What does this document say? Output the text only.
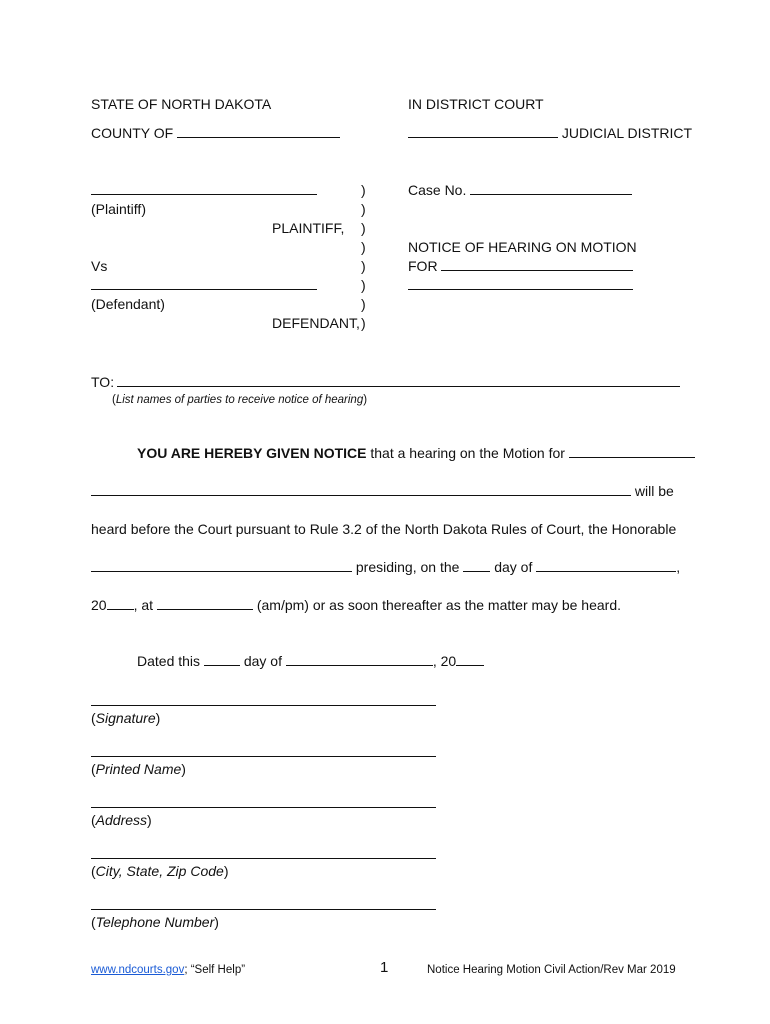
STATE OF NORTH DAKOTA	IN DISTRICT COURT
COUNTY OF	JUDICIAL DISTRICT
(Plaintiff)
PLAINTIFF,
Vs
(Defendant)
DEFENDANT,
)
)
)
)
)
)
)
)
Case No.
NOTICE OF HEARING ON MOTION
FOR
TO:
(List names of parties to receive notice of hearing)
YOU ARE HEREBY GIVEN NOTICE that a hearing on the Motion for
will be
heard before the Court pursuant to Rule 3.2 of the North Dakota Rules of Court, the Honorable
presiding, on the day of	,
20 , at	(am/pm) or as soon thereafter as the matter may be heard.
Dated this	day of	, 20
(Signature)
(Printed Name)
(Address)
(City, State, Zip Code)
(Telephone Number)
www.ndcourts.gov; “Self Help”	1	Notice Hearing Motion Civil Action/Rev Mar 2019
